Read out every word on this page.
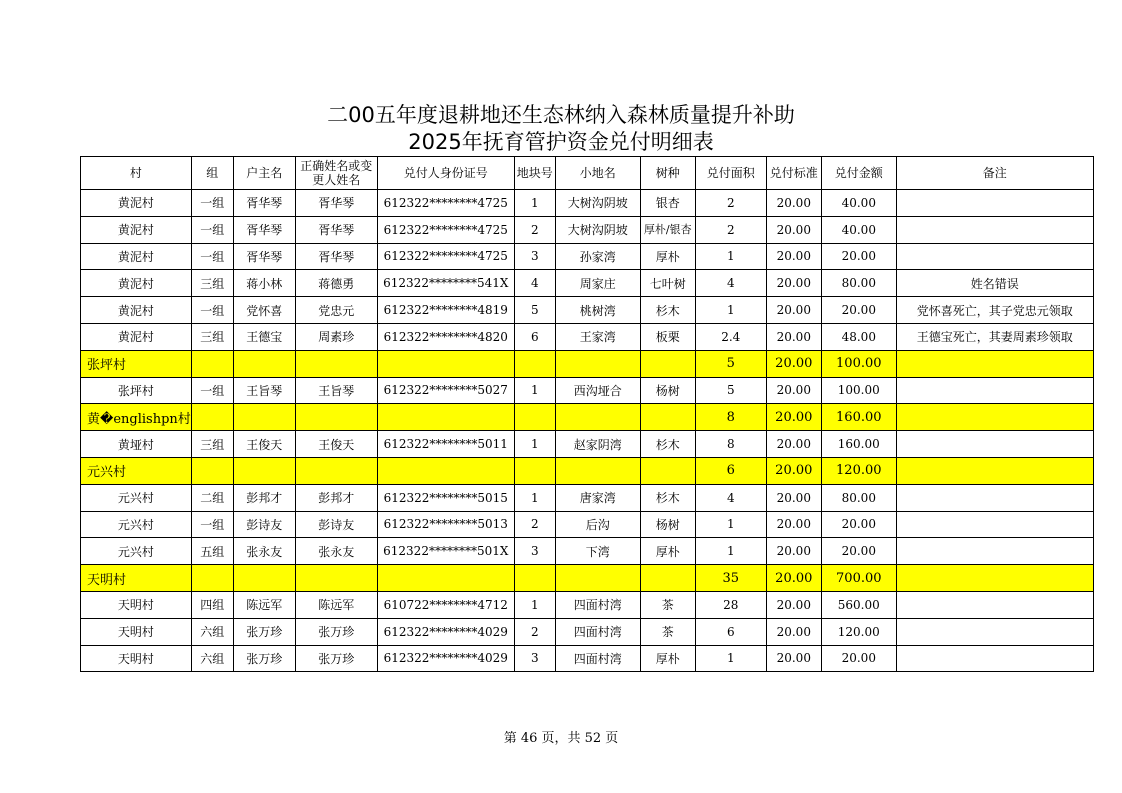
二00五年度退耕地还生态林纳入森林质量提升补助
2025年抚育管护资金兑付明细表
村	组	户主名	正确姓名或变更人姓名	兑付人身份证号	地块号	小地名	树种	兑付面积	兑付标准	兑付金额	备注
黄泥村	一组	胥华琴	胥华琴	612322********4725	1	大树沟阴坡	银杏	2	20.00	40.00	
黄泥村	一组	胥华琴	胥华琴	612322********4725	2	大树沟阴坡	厚朴/银杏	2	20.00	40.00	
黄泥村	一组	胥华琴	胥华琴	612322********4725	3	孙家湾	厚朴	1	20.00	20.00	
黄泥村	三组	蒋小林	蒋德勇	612322********541X	4	周家庄	七叶树	4	20.00	80.00	姓名错误
黄泥村	一组	党怀喜	党忠元	612322********4819	5	桃树湾	杉木	1	20.00	20.00	党怀喜死亡，其子党忠元领取
黄泥村	三组	王德宝	周素珍	612322********4820	6	王家湾	板栗	2.4	20.00	48.00	王德宝死亡，其妻周素珍领取
张坪村								5	20.00	100.00	
张坪村	一组	王旨琴	王旨琴	612322********5027	1	西沟垭合	杨树	5	20.00	100.00	
黄�englishpn村								8	20.00	160.00	
黄垭村	三组	王俊天	王俊天	612322********5011	1	赵家阴湾	杉木	8	20.00	160.00	
元兴村								6	20.00	120.00	
元兴村	二组	彭邦才	彭邦才	612322********5015	1	唐家湾	杉木	4	20.00	80.00	
元兴村	一组	彭诗友	彭诗友	612322********5013	2	后沟	杨树	1	20.00	20.00	
元兴村	五组	张永友	张永友	612322********501X	3	下湾	厚朴	1	20.00	20.00	
天明村								35	20.00	700.00	
天明村	四组	陈远军	陈远军	610722********4712	1	四面村湾	茶	28	20.00	560.00	
天明村	六组	张万珍	张万珍	612322********4029	2	四面村湾	茶	6	20.00	120.00	
天明村	六组	张万珍	张万珍	612322********4029	3	四面村湾	厚朴	1	20.00	20.00	
第 46 页，共 52 页
